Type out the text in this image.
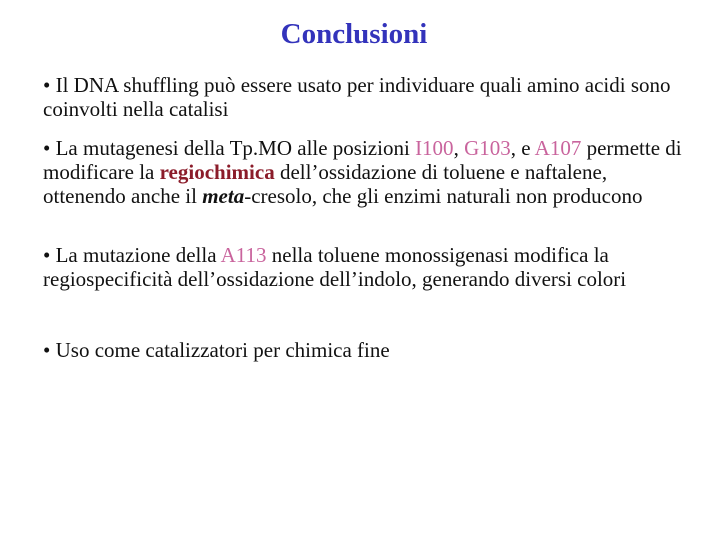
Conclusioni

• Il DNA shuffling può essere usato per individuare quali amino acidi sono coinvolti nella catalisi

• La mutagenesi della Tp.MO alle posizioni I100, G103, e A107 permette di modificare la regiochimica dell’ossidazione di toluene e naftalene, ottenendo anche il meta-cresolo, che gli enzimi naturali non producono

• La mutazione della A113 nella toluene monossigenasi modifica la regiospecificità dell’ossidazione dell’indolo, generando diversi colori

• Uso come catalizzatori per chimica fine
